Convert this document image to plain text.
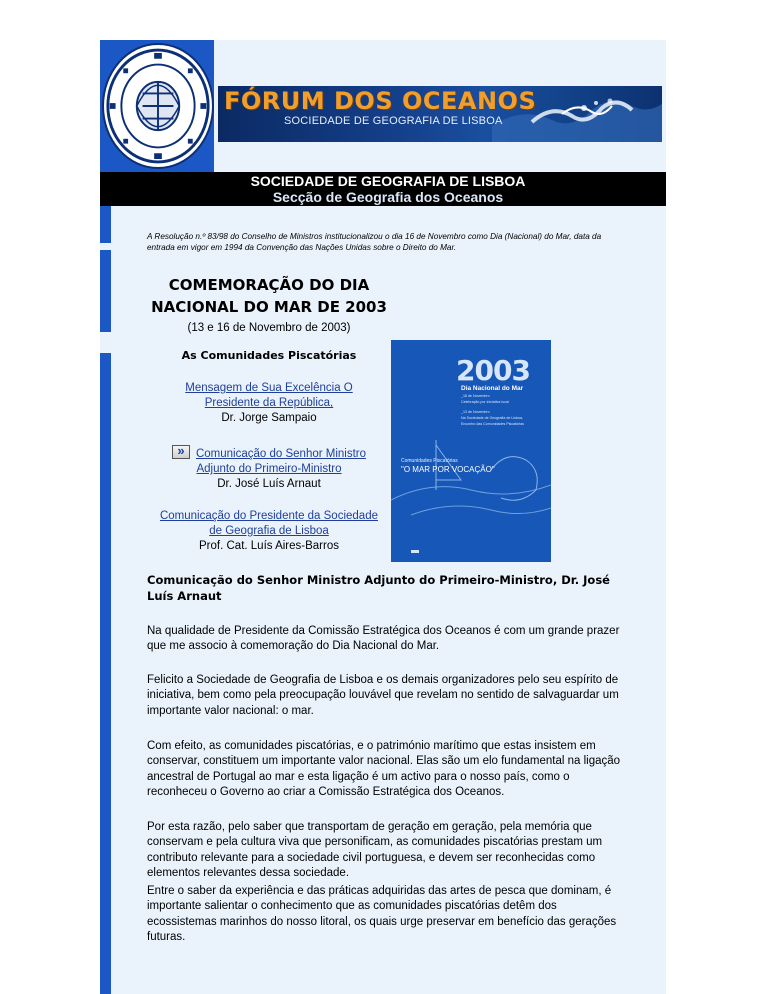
FÓRUM DOS OCEANOS
SOCIEDADE DE GEOGRAFIA DE LISBOA
SOCIEDADE DE GEOGRAFIA DE LISBOA
Secção de Geografia dos Oceanos
A Resolução n.º 83/98 do Conselho de Ministros institucionalizou o dia 16 de Novembro como Dia (Nacional) do Mar, data da entrada em vigor em 1994 da Convenção das Nações Unidas sobre o Direito do Mar.
COMEMORAÇÃO DO DIA
NACIONAL DO MAR DE 2003
(13 e 16 de Novembro de 2003)
As Comunidades Piscatórias
Mensagem de Sua Excelência O
Presidente da República,
Dr. Jorge Sampaio
» Comunicação do Senhor Ministro
Adjunto do Primeiro-Ministro
Dr. José Luís Arnaut
Comunicação do Presidente da Sociedade
de Geografia de Lisboa
Prof. Cat. Luís Aires-Barros
2003
Dia Nacional do Mar
_16 de Novembro
Celebração por iniciativa local
_13 de Novembro
Na Sociedade de Geografia de Lisboa,
Encontro das Comunidades Piscatórias
Comunidades Piscatórias
"O MAR POR VOCAÇÃO"
Comunicação do Senhor Ministro Adjunto do Primeiro-Ministro, Dr. José Luís Arnaut
Na qualidade de Presidente da Comissão Estratégica dos Oceanos é com um grande prazer que me associo à comemoração do Dia Nacional do Mar.
Felicito a Sociedade de Geografia de Lisboa e os demais organizadores pelo seu espírito de iniciativa, bem como pela preocupação louvável que revelam no sentido de salvaguardar um importante valor nacional: o mar.
Com efeito, as comunidades piscatórias, e o património marítimo que estas insistem em conservar, constituem um importante valor nacional. Elas são um elo fundamental na ligação ancestral de Portugal ao mar e esta ligação é um activo para o nosso país, como o reconheceu o Governo ao criar a Comissão Estratégica dos Oceanos.
Por esta razão, pelo saber que transportam de geração em geração, pela memória que conservam e pela cultura viva que personificam, as comunidades piscatórias prestam um contributo relevante para a sociedade civil portuguesa, e devem ser reconhecidas como elementos relevantes dessa sociedade.
Entre o saber da experiência e das práticas adquiridas das artes de pesca que dominam, é importante salientar o conhecimento que as comunidades piscatórias detêm dos ecossistemas marinhos do nosso litoral, os quais urge preservar em benefício das gerações futuras.
